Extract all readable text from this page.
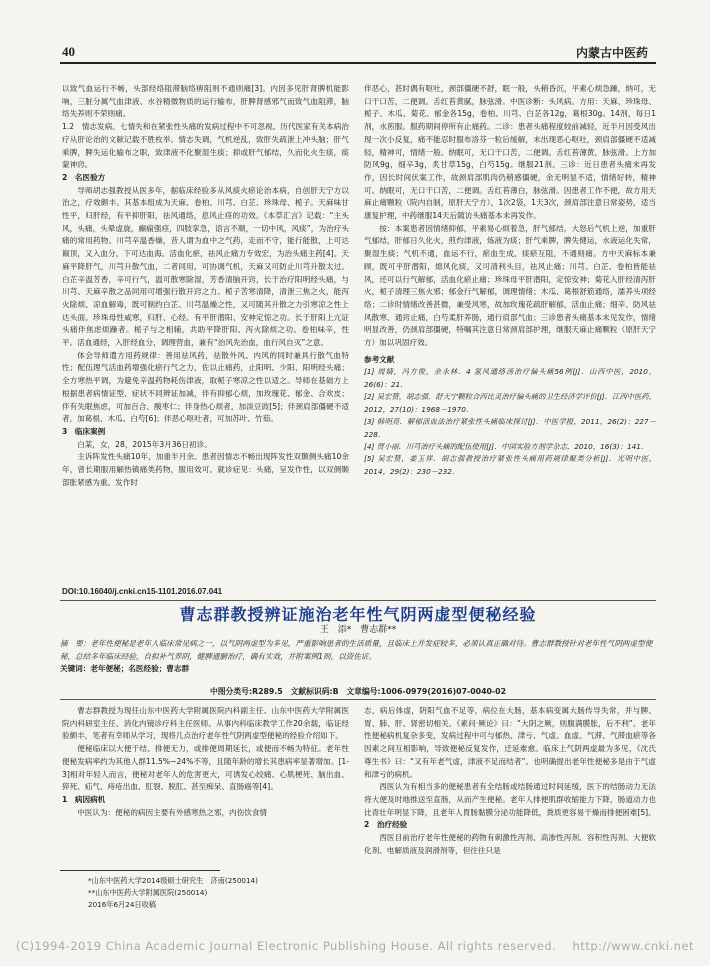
40	内蒙古中医药

以致气血运行不畅，头部经络阻滞脑络痹阻则不通则痛[3]。内因多见肝肾脾机能影响，三脏分属气血津液、水谷精微物质的运行输布，肝脾肾感邪气而致气血阻滞，脑络失养则不荣则痛。

1.2　情志发病。七情失和在紧张性头痛的发病过程中不可忽视。历代医家有关本病治疗从肝论治的文献记载不胜枚举。情志失调，气机逆乱，致肝失疏泄上冲头脑；肝气乘脾，脾失运化输布之职，致津液不化聚湿生痰；抑或肝气郁结，久而化火生痰，痰蒙神窍。

2　名医验方

导师胡志强教授从医多年，据临床经验多从风痰火瘀论治本病，自创肝天宁方以治之，疗效颇丰。其基本组成为天麻、卷柏、川芎、白芷、珍珠母、栀子。天麻味甘性平，归肝经，有平抑肝阳，祛风通络，息风止痉的功效。《本草汇言》记载：“主头风，头痛，头晕虚旋，癫痫强痉，四肢挛急，语言不顺，一切中风，风痰”，为治疗头痛的常用药物。川芎辛温香燥，昔人谓为血中之气药，走而不守，能行能散，上可达巅顶，又入血分，下可达血海。活血化瘀，祛风止痛力专效宏，为治头痛主药[4]。天麻平降肝气，川芎升散气血，二者同用，可协调气机，天麻又可防止川芎升散太过。白芷辛温芳香，辛可行气，温可散寒除湿，芳香清脑开窍，长于治疗阳明经头痛，与川芎、天麻辛散之品同用可增强行散开窍之力。栀子苦寒清降，清泄三焦之火，能泻火除烦、凉血解毒，既可制约白芷、川芎温燥之性，又可随其升散之力引寒凉之性上达头面。珍珠母性咸寒，归肝、心经。有平肝潜阳、安神定惊之功。长于肝阳上亢证头痛伴焦虑烦躁者。栀子与之相辅，共助平降肝阳、泻火除烦之功。卷柏味辛，性平。活血通经，入肝经血分，调理营血，兼有“治风先治血，血行风自灭”之意。

体会导师遣方用药规律：善用祛风药，祛散外风、内风的同时兼具行散气血特性；配伍理气活血药增强化瘀行气之力，佐以止痛药，止阳明、少阳、阳明经头痛；全方寒热平调，为避免辛温药物耗伤津液，取栀子寒凉之性以适之。导师在基础方上根据患者病情证型、症状不同辨证加减，伴有抑郁心烦，加玫瑰花、郁金、合欢皮；伴有失眠焦虑，可加百合、酸枣仁；伴身热心烦者，加淡豆豉[5]；伴颈肩部僵硬不适者，加葛根、木瓜、白芍[6]；伴恶心呕吐者，可加苏叶、竹茹。

3　临床案例

白某，女，28，2015年3月36日初诊。

主诉阵发性头痛10年，加重半月余。患者因情志不畅出现阵发性双颞侧头痛10余年，曾长期服用解热镇痛类药物，服用效可。就诊症见：头痛，呈发作性，以双侧颞部胀紧感为重。发作时

伴恶心，甚时偶有呕吐，颈部僵硬不舒，眠一般，头稍昏沉，平素心烦急躁，纳可，无口干口苦，二便调。舌红苔黄腻，脉弦滑。中医诊断：头风病。方用：天麻、珍珠母、栀子、木瓜、菊花、郁金各15g，卷柏、川芎、白芷各12g，葛根30g。14剂，每日1剂，水煎服。服药期间停所有止痛药。二诊：患者头痛程度较前减轻，近半月因受风出现一次小反复，痛不能忍时服布洛芬一粒后缓解，未出现恶心呕吐，颈肩部僵硬不适减轻，精神可，情绪一般。纳眠可，无口干口苦，二便调。舌红苔薄黄，脉弦滑。上方加防风9g，细辛3g，炙甘草15g，白芍15g。继服21剂。三诊：近日患者头痛未再发作，因长时间伏案工作，故颈肩部肌肉仍稍感僵硬，余无明显不适，情绪好转，精神可。纳眠可，无口干口苦，二便调。舌红苔薄白，脉弦滑。因患者工作不便，故方用天麻止痛颗粒（院内自制，原肝天宁方），1次2袋，1天3次，颈肩部注意日常姿势，适当康复护理，中药继服14天后随访头痛基本未再发作。

按：本案患者因情绪抑郁，平素易心烦着急，肝气郁结，大怒后气机上逆，加重肝气郁结，肝郁日久化火，煎灼津液，炼液为痰；肝气乘脾，脾失健运，水液运化失常，聚湿生痰；气机不通，血运不行，瘀血生成，痰瘀互阻，不通则痛。方中天麻标本兼顾，既可平肝潜阳，熄风化痰，又可清利头目，祛风止痛；川芎、白芷、卷柏皆能祛风，还可以行气解郁，活血化瘀止痛；珍珠母平肝潜阳，定惊安神；菊花入肝经清泻肝火，栀子清理三焦火邪；郁金行气解郁，调理情绪；木瓜、葛根舒筋通络，濡养头项经络；二诊时情绪改善甚微，兼受风寒，故加玫瑰花疏肝解郁，活血止痛；细辛、防风祛风散寒、通窍止痛，白芍柔肝养肠，通行肩部气血；三诊患者头痛基本未见发作，情绪明显改善，仍颈肩部僵硬，特嘱其注意日常颈肩部护理，继服天麻止痛颗粒（原肝天宁方）加以巩固疗效。

参考文献

[1] 周婧，冯方俊，余永林．4 氢风通络汤治疗偏头痛56例[J]．山西中医，2010，26(6)：21．

[2] 吴宏赞，胡志强．舒天宁颗粒合西比灵治疗偏头痛的卫生经济学评价[J]．江西中医药，2012，27(10)：1968－1970．

[3] 韩明亮．解郁活血法治疗紧张性头痛临床探讨[J]．中医学报，2011，26(2)：227－228．

[4] 贾小丽．川芎治疗头痛的配伍使用[J]．中国实验方剂学杂志，2010，16(3)：141．

[5] 吴宏赞，姜玉祥．胡志强教授治疗紧张性头痛用药规律聚类分析[J]．光明中医，2014，29(2)：230－232．

DOI:10.16040/j.cnki.cn15-1101.2016.07.041
曹志群教授辨证施治老年性气阴两虚型便秘经验
王　添*　曹志群**
摘　要：老年性便秘是老年人临床常见病之一，以气阴两虚型为多见，严重影响患者的生活质量，且临床上并发症较多，必须认真正确对待。曹志群教授针对老年性气阴两虚型便秘，总结多年临床经验，自拟补气养阴，健脾通腑治疗，确有实效，并附案例1则，以资佐证。
关键词：老年便秘；名医经验；曹志群
中图分类号:R289.5　文献标识码:B　文章编号:1006-0979(2016)07-0040-02

曹志群教授为现任山东中医药大学附属医院内科副主任、山东中医药大学附属医院内科研室主任、消化内镜诊疗科主任医师。从事内科临床教学工作20余载，临证经验颇丰，笔者有幸师从学习，现将几点治疗老年性气阴两虚型便秘的经验介绍如下。

便秘临床以大便干结、排便无力，或排便周期延长，或便而不畅为特征。老年性便秘发病率约为其他人群11.5%~24%不等，且随年龄的增长其患病率显著增加。[1-3]相对年轻人而言，便秘对老年人的危害更大，可诱发心绞痛、心肌梗死、脑出血、猝死、疝气、痔疮出血、肛裂、脱肛、甚至痴呆、直肠癌等[4]。

1　病因病机

中医认为：便秘的病因主要有外感寒热之邪，内伤饮食情

志，病后体虚，阴阳气血不足等，病位在大肠，基本病变属大肠传导失常，并与脾、胃、肺、肝、肾密切相关。《素问·厥论》曰：“大阴之厥，则腹满膜胀，后不利”。老年性便秘病机复杂多变，发病过程中可与郁热、津亏、气虚、血虚、气滞、气滞血瘀等各因素之间互相影响，导致便秘反复发作，迁延难愈。临床上气阴两虚最为多见，《沈氏尊生书》曰：“又有年老气虚，津液不足而结者”。也明确提出老年性便秘多是由于气虚和津亏的病机。

西医认为有相当多的便秘患者有全结肠或结肠通过时间延缓，医下的结肠动力无法将大便及时地推送至直肠，从而产生便秘。老年人排便肌群收缩能力下降，肠道动力也比青壮年明显下降，且老年人胃肠黏膜分泌功能降低，粪质更容易干燥而排便困难[5]。

2　治疗经验

西医目前治疗老年性便秘的药物有刺激性泻剂、高渗性泻剂、容积性泻剂、大便软化剂、电解质液及润滑剂等，但往往只是

*山东中医药大学2014级硕士研究生　济南(250014)
**山东中医药大学附属医院(250014)
2016年6月24日收稿
(C)1994-2019 China Academic Journal Electronic Publishing House. All rights reserved.　 http://www.cnki.net
